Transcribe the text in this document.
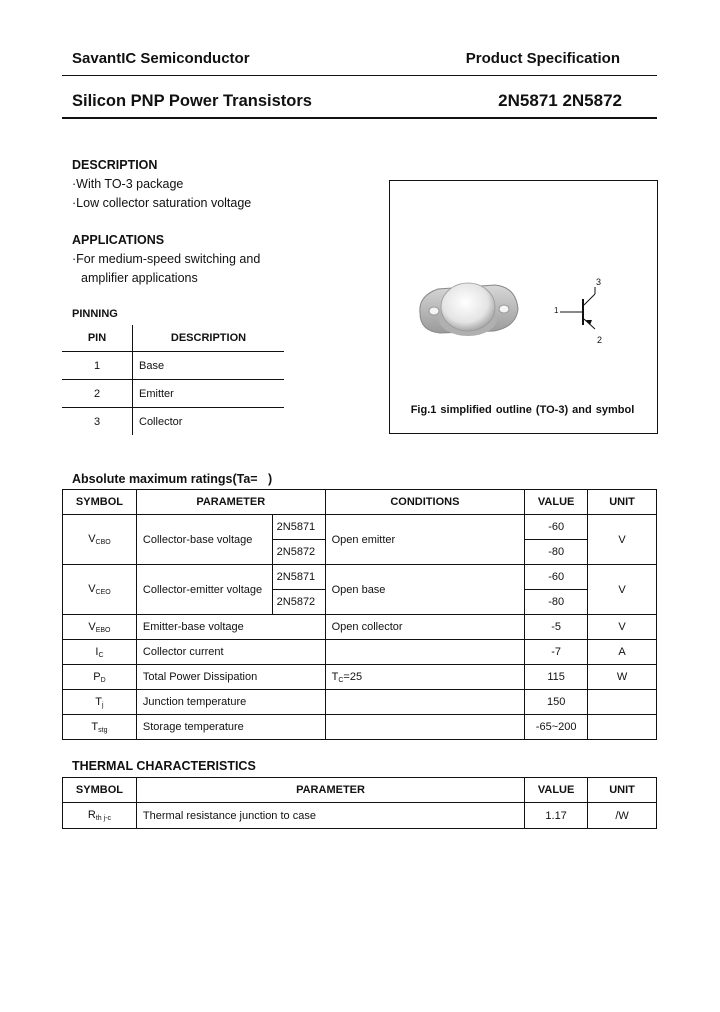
SavantIC Semiconductor	Product Specification
Silicon PNP Power Transistors	2N5871 2N5872
DESCRIPTION
·With TO-3 package
·Low collector saturation voltage
APPLICATIONS
·For medium-speed switching and
amplifier applications
PINNING
PIN	DESCRIPTION
1	Base
2	Emitter
3	Collector
1
2
3
Fig.1 simplified outline (TO-3) and symbol
Absolute maximum ratings(Ta=   )
SYMBOL	PARAMETER		CONDITIONS	VALUE	UNIT
$V_{CBO}$	Collector-base voltage	2N5871	Open emitter	-60	V
		2N5872		-80	
$V_{CEO}$	Collector-emitter voltage	2N5871	Open base	-60	V
		2N5872		-80	
$V_{EBO}$	Emitter-base voltage		Open collector	-5	V
$I_C$	Collector current			-7	A
$P_D$	Total Power Dissipation		$T_C=25$	115	W
$T_j$	Junction temperature			150	
$T_{stg}$	Storage temperature			-65~200	
THERMAL CHARACTERISTICS
SYMBOL	PARAMETER	VALUE	UNIT
$R_{th j-c}$	Thermal resistance junction to case	1.17	/W
